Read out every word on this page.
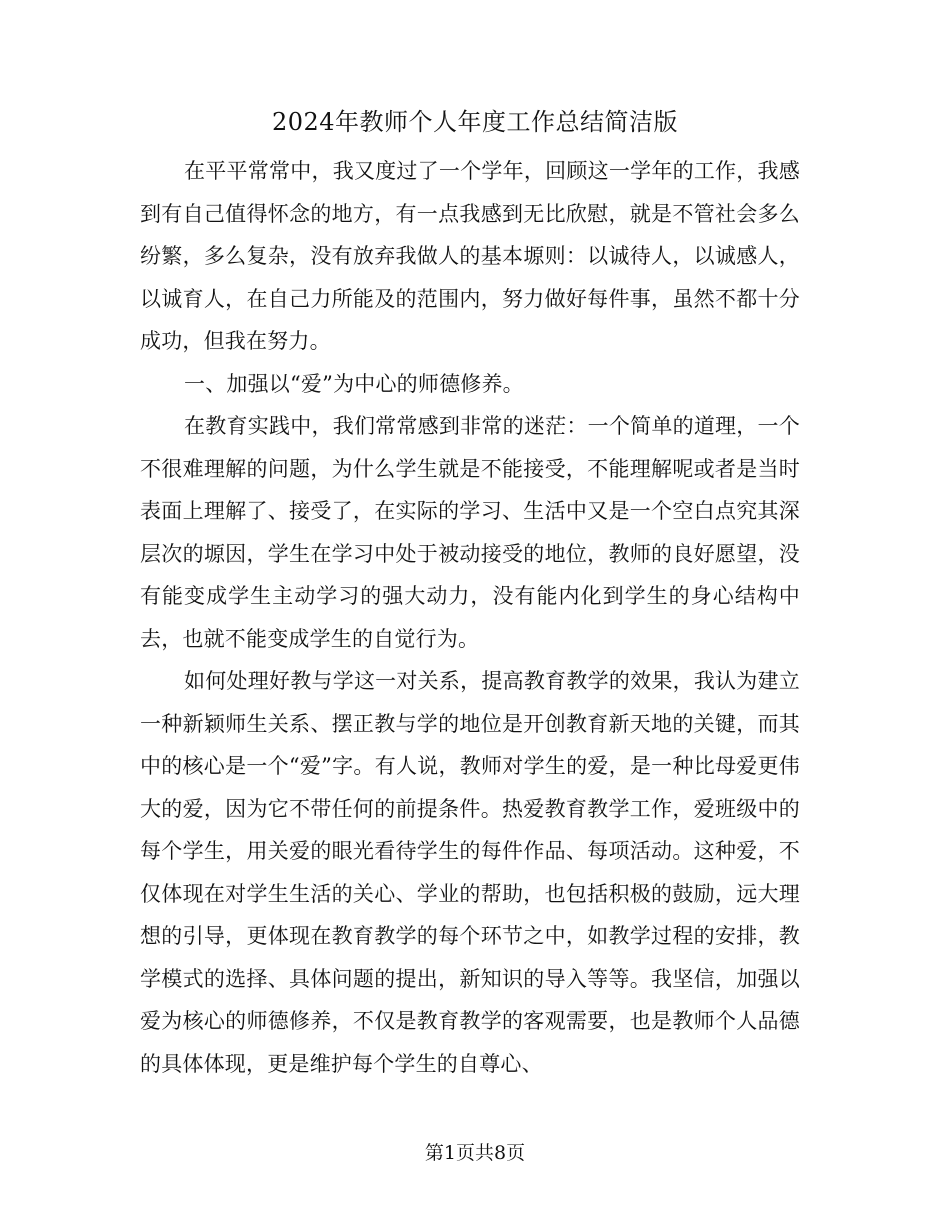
2024年教师个人年度工作总结简洁版

在平平常常中，我又度过了一个学年，回顾这一学年的工作，我感到有自己值得怀念的地方，有一点我感到无比欣慰，就是不管社会多么纷繁，多么复杂，没有放弃我做人的基本塬则：以诚待人，以诚感人，以诚育人，在自己力所能及的范围内，努力做好每件事，虽然不都十分成功，但我在努力。

一、加强以“爱”为中心的师德修养。

在教育实践中，我们常常感到非常的迷茫：一个简单的道理，一个不很难理解的问题，为什么学生就是不能接受，不能理解呢或者是当时表面上理解了、接受了，在实际的学习、生活中又是一个空白点究其深层次的塬因，学生在学习中处于被动接受的地位，教师的良好愿望，没有能变成学生主动学习的强大动力，没有能内化到学生的身心结构中去，也就不能变成学生的自觉行为。

如何处理好教与学这一对关系，提高教育教学的效果，我认为建立一种新颖师生关系、摆正教与学的地位是开创教育新天地的关键，而其中的核心是一个“爱”字。有人说，教师对学生的爱，是一种比母爱更伟大的爱，因为它不带任何的前提条件。热爱教育教学工作，爱班级中的每个学生，用关爱的眼光看待学生的每件作品、每项活动。这种爱，不仅体现在对学生生活的关心、学业的帮助，也包括积极的鼓励，远大理想的引导，更体现在教育教学的每个环节之中，如教学过程的安排，教学模式的选择、具体问题的提出，新知识的导入等等。我坚信，加强以爱为核心的师德修养，不仅是教育教学的客观需要，也是教师个人品德的具体体现，更是维护每个学生的自尊心、

第1页共8页
